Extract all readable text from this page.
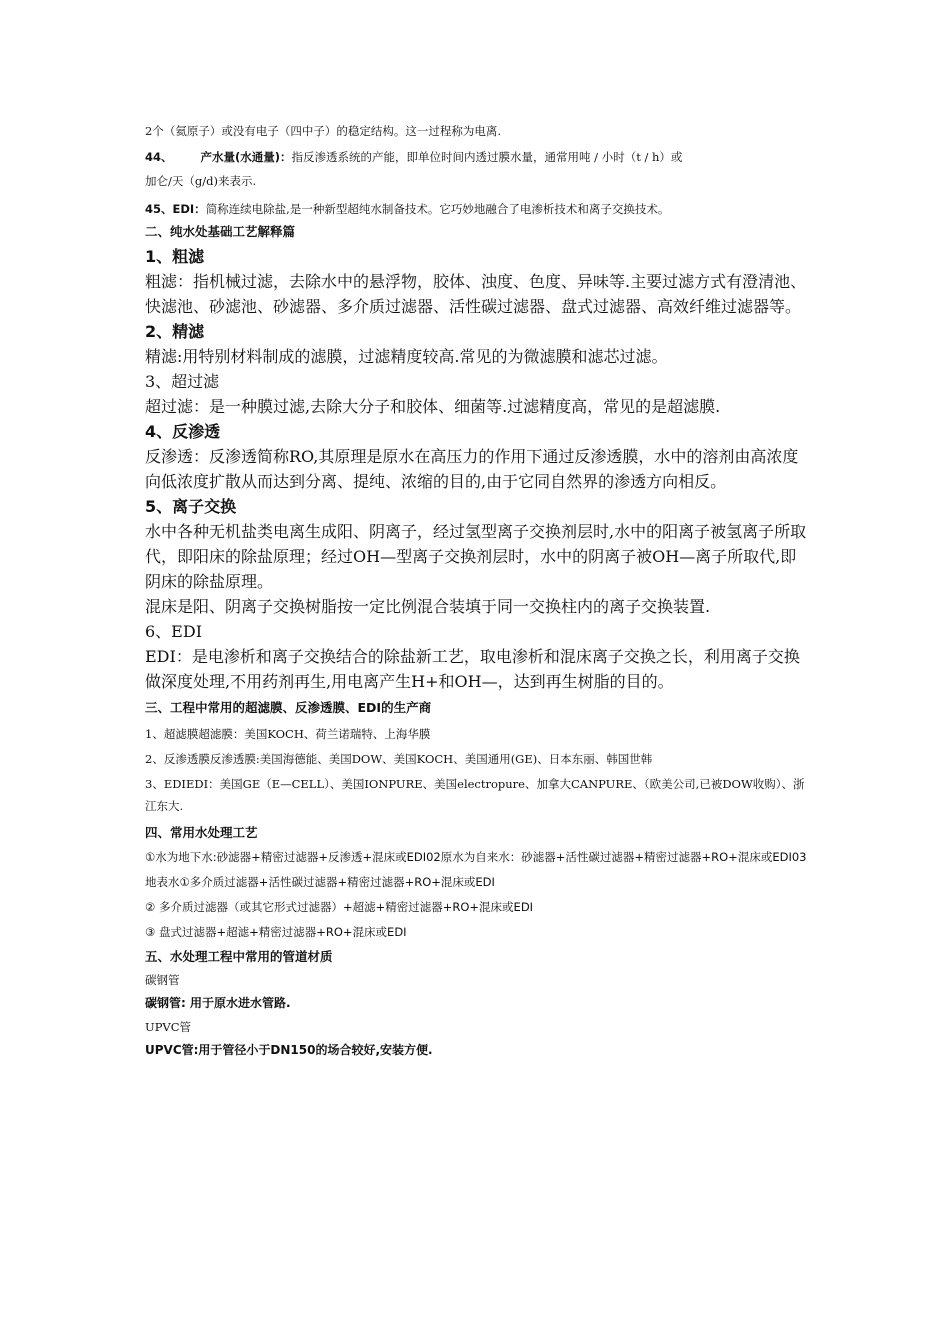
2个（氦原子）或没有电子（四中子）的稳定结构。这一过程称为电离.

44、 产水量(水通量)：指反渗透系统的产能，即单位时间内透过膜水量，通常用吨 / 小时（t / h）或

加仑/天（g/d)来表示.

45、EDI：简称连续电除盐,是一种新型超纯水制备技术。它巧妙地融合了电渗析技术和离子交换技术。

二、纯水处基础工艺解释篇

1、粗滤

粗滤：指机械过滤，去除水中的悬浮物，胶体、浊度、色度、异味等.主要过滤方式有澄清池、快滤池、砂滤池、砂滤器、多介质过滤器、活性碳过滤器、盘式过滤器、高效纤维过滤器等。

2、精滤

精滤:用特别材料制成的滤膜，过滤精度较高.常见的为微滤膜和滤芯过滤。

3、超过滤

超过滤：是一种膜过滤,去除大分子和胶体、细菌等.过滤精度高，常见的是超滤膜.

4、反渗透

反渗透：反渗透简称RO,其原理是原水在高压力的作用下通过反渗透膜，水中的溶剂由高浓度向低浓度扩散从而达到分离、提纯、浓缩的目的,由于它同自然界的渗透方向相反。

5、离子交换

水中各种无机盐类电离生成阳、阴离子，经过氢型离子交换剂层时,水中的阳离子被氢离子所取代，即阳床的除盐原理；经过OH—型离子交换剂层时，水中的阴离子被OH—离子所取代,即阴床的除盐原理。

混床是阳、阴离子交换树脂按一定比例混合装填于同一交换柱内的离子交换装置.

6、EDI

EDI：是电渗析和离子交换结合的除盐新工艺，取电渗析和混床离子交换之长，利用离子交换做深度处理,不用药剂再生,用电离产生H+和OH—，达到再生树脂的目的。

三、工程中常用的超滤膜、反渗透膜、EDI的生产商

1、超滤膜超滤膜：美国KOCH、荷兰诺瑞特、上海华膜

2、反渗透膜反渗透膜:美国海德能、美国DOW、美国KOCH、美国通用(GE)、日本东丽、韩国世韩

3、EDIEDI：美国GE（E—CELL）、美国IONPURE、美国electropure、加拿大CANPURE、（欧美公司,已被DOW收购）、浙江东大.

四、常用水处理工艺

①水为地下水:砂滤器+精密过滤器+反渗透+混床或EDI02原水为自来水：砂滤器+活性碳过滤器+精密过滤器+RO+混床或EDI03

地表水①多介质过滤器+活性碳过滤器+精密过滤器+RO+混床或EDI

② 多介质过滤器（或其它形式过滤器）+超滤+精密过滤器+RO+混床或EDI

③ 盘式过滤器+超滤+精密过滤器+RO+混床或EDI

五、水处理工程中常用的管道材质

碳钢管

碳钢管: 用于原水进水管路.

UPVC管

UPVC管:用于管径小于DN150的场合较好,安装方便.
